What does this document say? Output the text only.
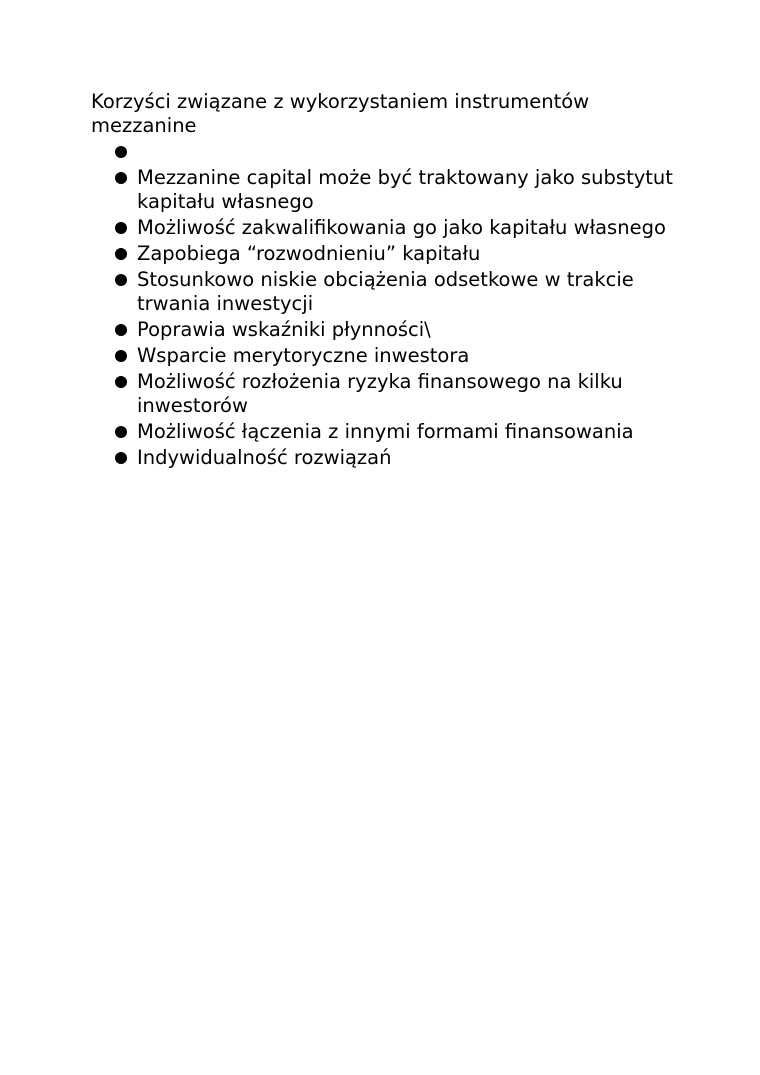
Korzyści związane z wykorzystaniem instrumentów mezzanine

Mezzanine capital może być traktowany jako substytut kapitału własnego
Możliwość zakwalifikowania go jako kapitału własnego
Zapobiega “rozwodnieniu” kapitału
Stosunkowo niskie obciążenia odsetkowe w trakcie trwania inwestycji
Poprawia wskaźniki płynności\
Wsparcie merytoryczne inwestora
Możliwość rozłożenia ryzyka finansowego na kilku inwestorów
Możliwość łączenia z innymi formami finansowania
Indywidualność rozwiązań
